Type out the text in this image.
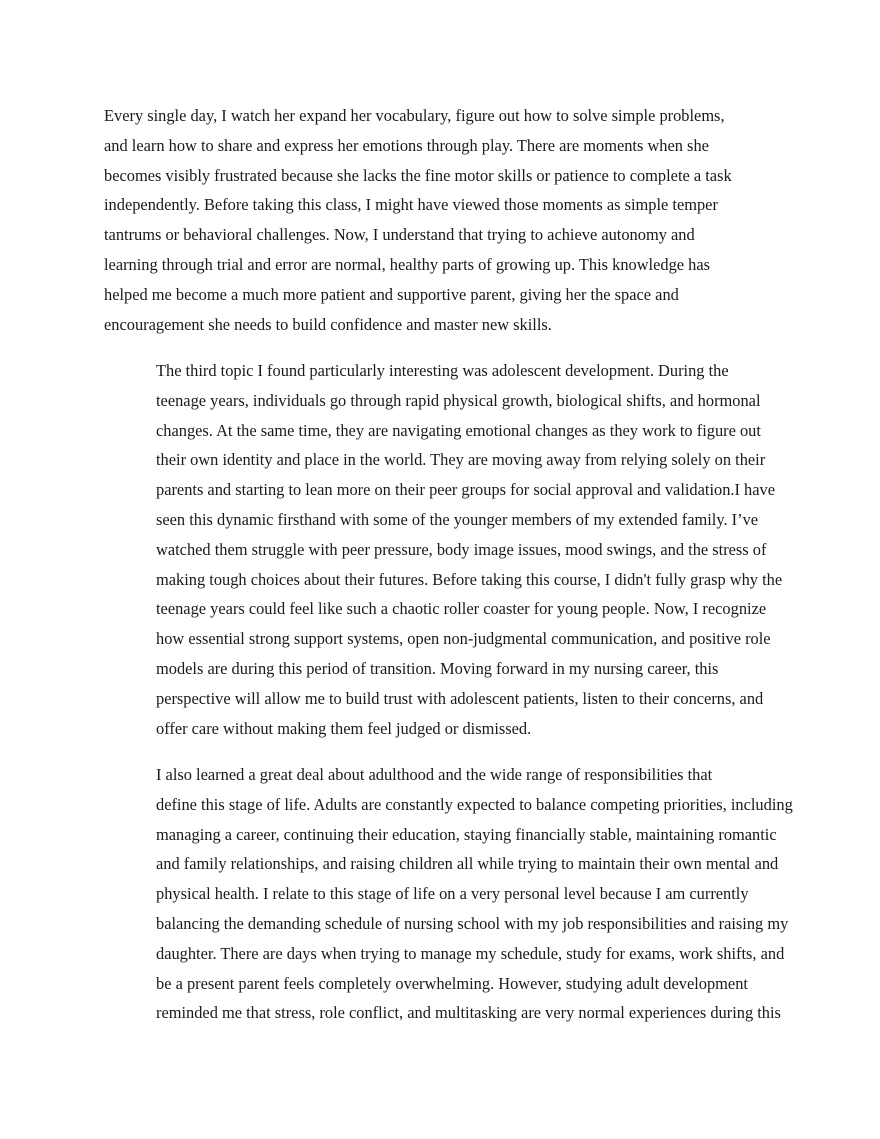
Every single day, I watch her expand her vocabulary, figure out how to solve simple problems,
and learn how to share and express her emotions through play. There are moments when she
becomes visibly frustrated because she lacks the fine motor skills or patience to complete a task
independently. Before taking this class, I might have viewed those moments as simple temper
tantrums or behavioral challenges. Now, I understand that trying to achieve autonomy and
learning through trial and error are normal, healthy parts of growing up. This knowledge has
helped me become a much more patient and supportive parent, giving her the space and
encouragement she needs to build confidence and master new skills.

The third topic I found particularly interesting was adolescent development. During the
teenage years, individuals go through rapid physical growth, biological shifts, and hormonal
changes. At the same time, they are navigating emotional changes as they work to figure out
their own identity and place in the world. They are moving away from relying solely on their
parents and starting to lean more on their peer groups for social approval and validation.I have
seen this dynamic firsthand with some of the younger members of my extended family. I’ve
watched them struggle with peer pressure, body image issues, mood swings, and the stress of
making tough choices about their futures. Before taking this course, I didn't fully grasp why the
teenage years could feel like such a chaotic roller coaster for young people. Now, I recognize
how essential strong support systems, open non-judgmental communication, and positive role
models are during this period of transition. Moving forward in my nursing career, this
perspective will allow me to build trust with adolescent patients, listen to their concerns, and
offer care without making them feel judged or dismissed.

I also learned a great deal about adulthood and the wide range of responsibilities that
define this stage of life. Adults are constantly expected to balance competing priorities, including
managing a career, continuing their education, staying financially stable, maintaining romantic
and family relationships, and raising children all while trying to maintain their own mental and
physical health. I relate to this stage of life on a very personal level because I am currently
balancing the demanding schedule of nursing school with my job responsibilities and raising my
daughter. There are days when trying to manage my schedule, study for exams, work shifts, and
be a present parent feels completely overwhelming. However, studying adult development
reminded me that stress, role conflict, and multitasking are very normal experiences during this
